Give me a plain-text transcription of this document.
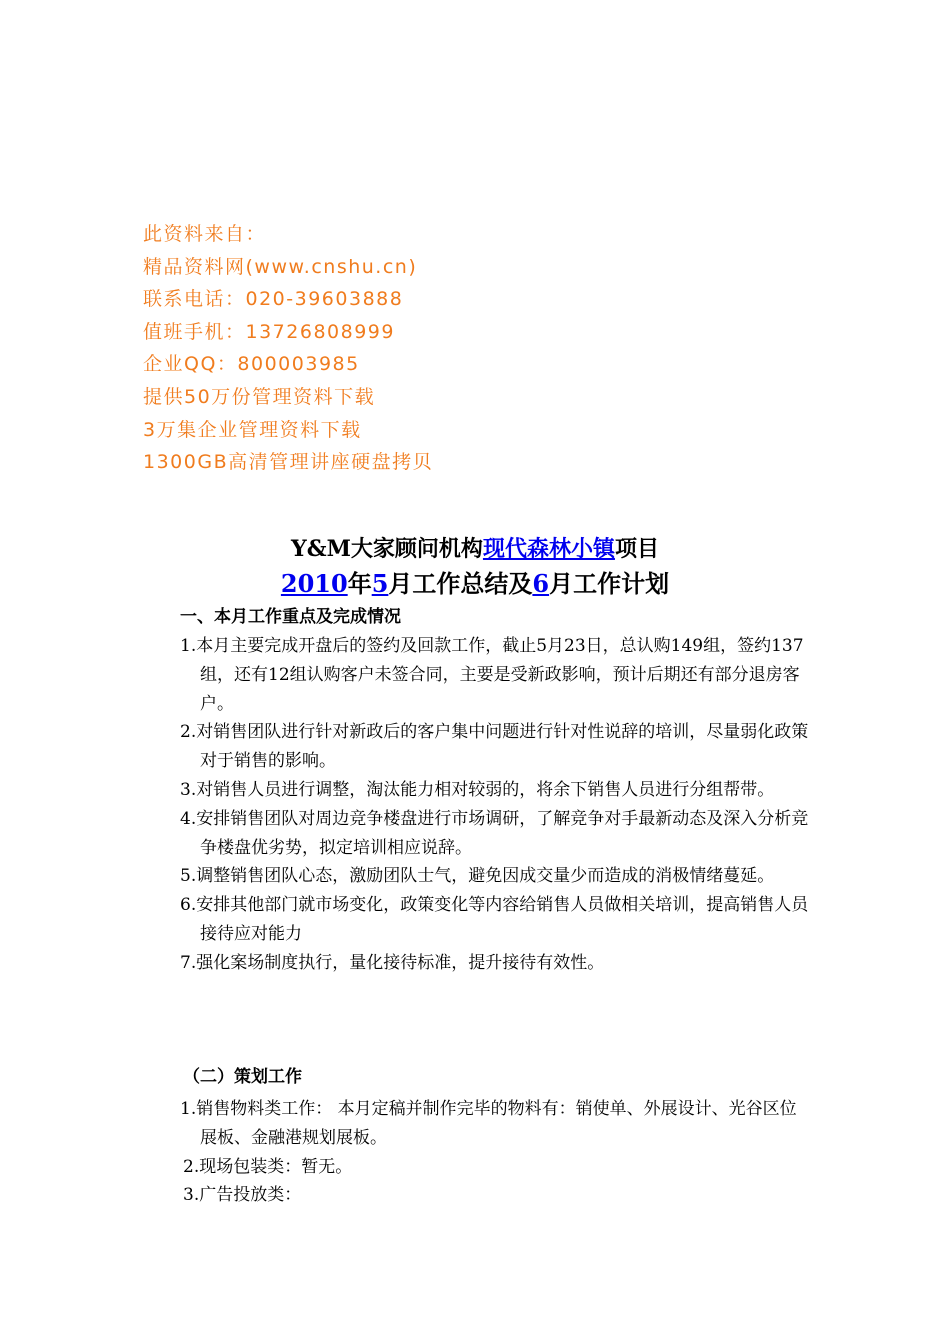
此资料来自：
精品资料网(www.cnshu.cn)
联系电话：020-39603888
值班手机：13726808999
企业QQ：800003985
提供50万份管理资料下载
3万集企业管理资料下载
1300GB高清管理讲座硬盘拷贝
Y&M大家顾问机构现代森林小镇项目
2010年5月工作总结及6月工作计划
一、本月工作重点及完成情况

1.本月主要完成开盘后的签约及回款工作，截止5月23日，总认购149组，签约137组，还有12组认购客户未签合同，主要是受新政影响，预计后期还有部分退房客户。

2.对销售团队进行针对新政后的客户集中问题进行针对性说辞的培训，尽量弱化政策对于销售的影响。

3.对销售人员进行调整，淘汰能力相对较弱的，将余下销售人员进行分组帮带。

4.安排销售团队对周边竞争楼盘进行市场调研，了解竞争对手最新动态及深入分析竞争楼盘优劣势，拟定培训相应说辞。

5.调整销售团队心态，激励团队士气，避免因成交量少而造成的消极情绪蔓延。

6.安排其他部门就市场变化，政策变化等内容给销售人员做相关培训，提高销售人员接待应对能力

7.强化案场制度执行，量化接待标准，提升接待有效性。

（二）策划工作

1.销售物料类工作： 本月定稿并制作完毕的物料有：销使单、外展设计、光谷区位展板、金融港规划展板。

2.现场包装类：暂无。

3.广告投放类：
